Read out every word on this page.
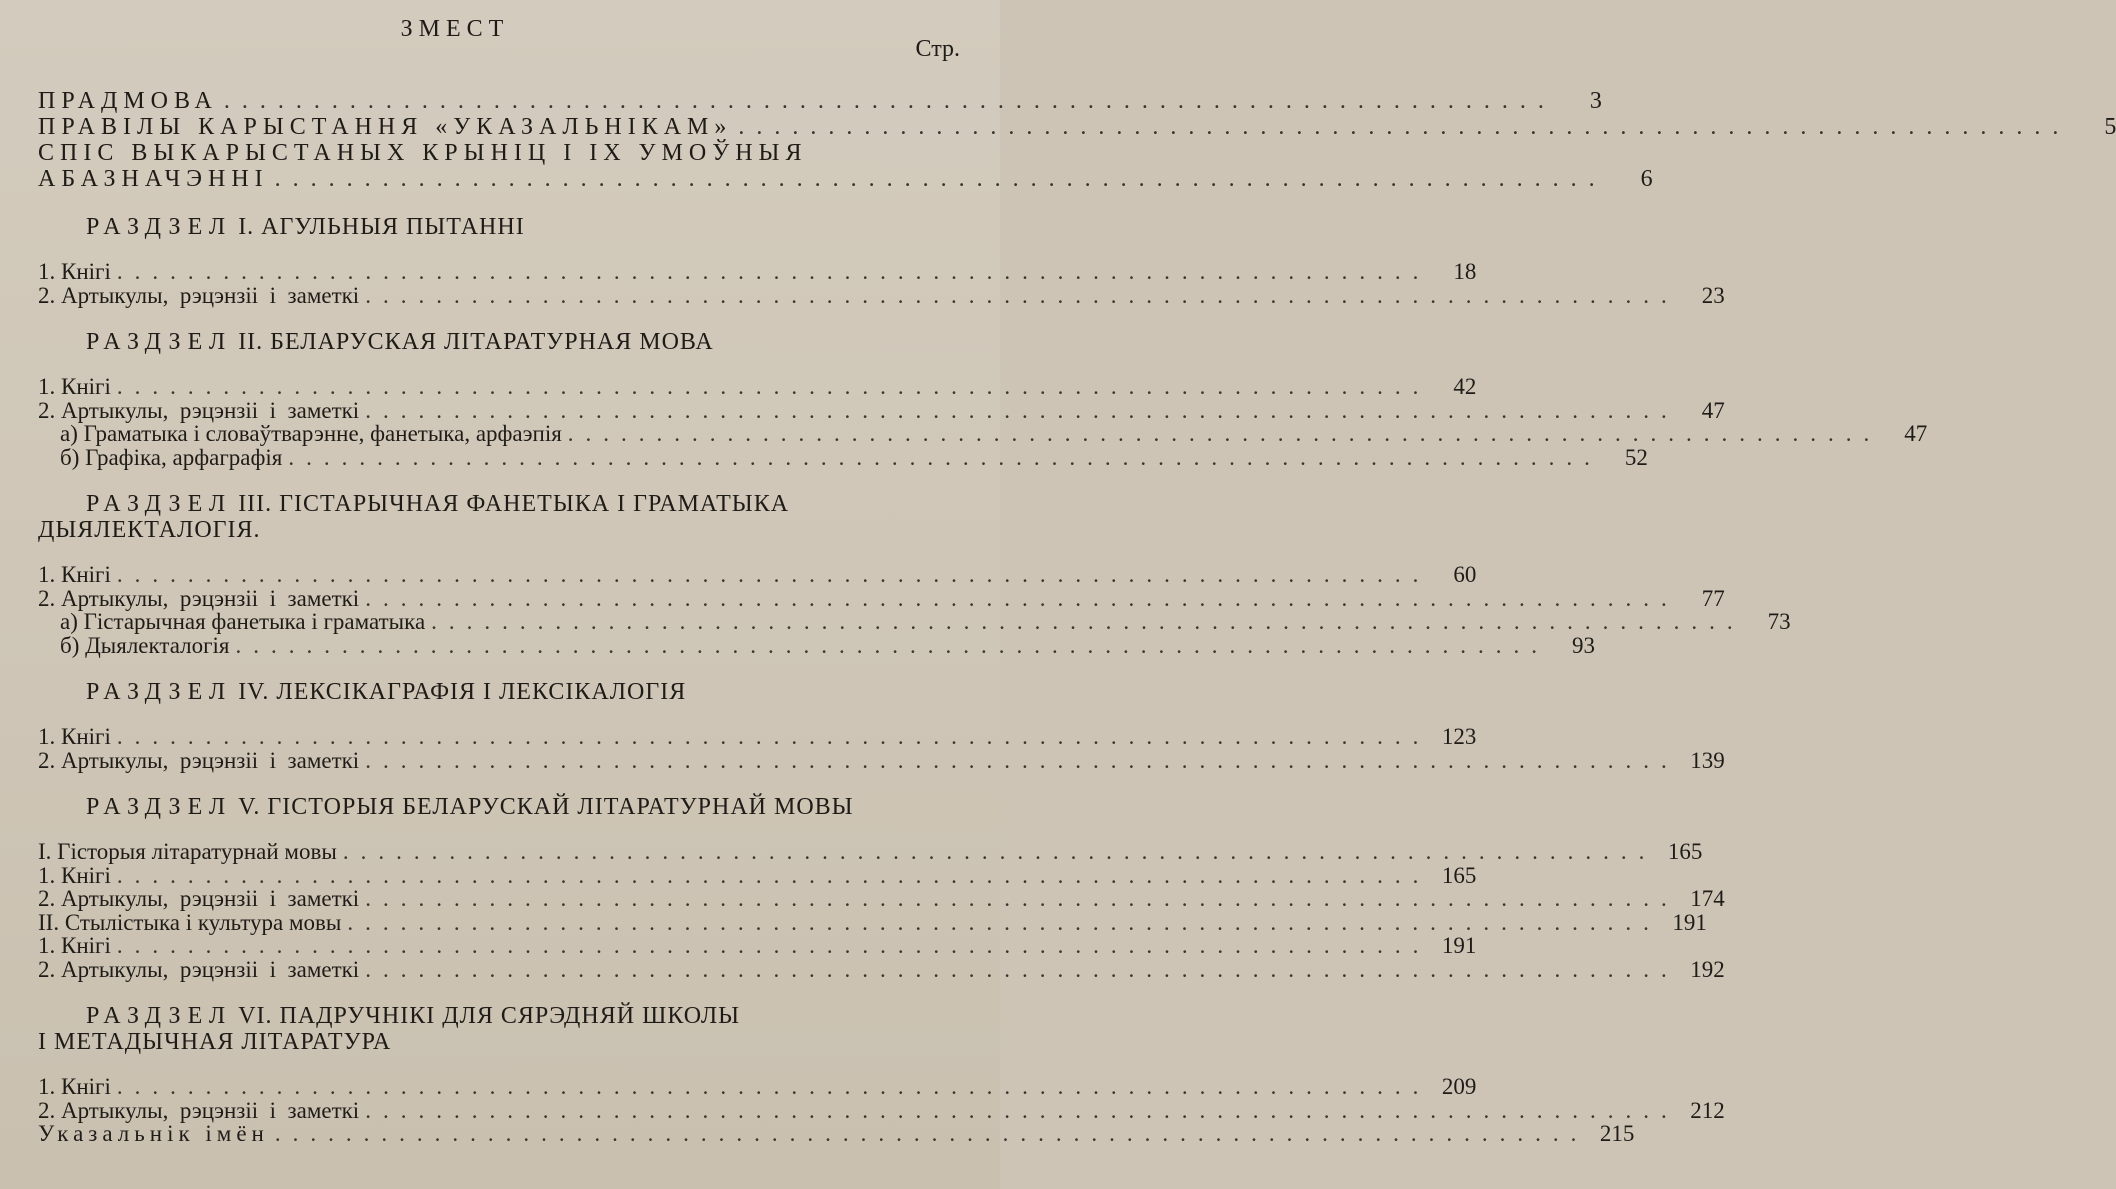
ЗМЕСТ
Стр.
ПРАДМОВА ..........................................................................	3
ПРАВІЛЫ КАРЫСТАННЯ «УКАЗАЛЬНІКАМ» ..........................................................................	5
СПІС ВЫКАРЫСТАНЫХ КРЫНІЦ І ІХ УМОЎНЫЯ
АБАЗНАЧЭННІ ..........................................................................	6
РАЗДЗЕЛ I. АГУЛЬНЫЯ ПЫТАННІ
1. Кнігі ..........................................................................	18
2. Артыкулы,  рэцэнзіі  і  заметкі ..........................................................................	23
РАЗДЗЕЛ II. БЕЛАРУСКАЯ ЛІТАРАТУРНАЯ МОВА
1. Кнігі ..........................................................................	42
2. Артыкулы,  рэцэнзіі  і  заметкі ..........................................................................	47
а) Граматыка і словаўтварэнне, фанетыка, арфаэпія ..........................................................................	47
б) Графіка, арфаграфія ..........................................................................	52
РАЗДЗЕЛ III. ГІСТАРЫЧНАЯ ФАНЕТЫКА І ГРАМАТЫКА
ДЫЯЛЕКТАЛОГІЯ.
1. Кнігі ..........................................................................	60
2. Артыкулы,  рэцэнзіі  і  заметкі ..........................................................................	77
а) Гістарычная фанетыка і граматыка ..........................................................................	73
б) Дыялекталогія ..........................................................................	93
РАЗДЗЕЛ IV. ЛЕКСІКАГРАФІЯ І ЛЕКСІКАЛОГІЯ
1. Кнігі .......................................................................... 123
2. Артыкулы,  рэцэнзіі  і  заметкі .......................................................................... 139
РАЗДЗЕЛ V. ГІСТОРЫЯ БЕЛАРУСКАЙ ЛІТАРАТУРНАЙ МОВЫ
I. Гісторыя літаратурнай мовы .......................................................................... 165
1. Кнігі .......................................................................... 165
2. Артыкулы,  рэцэнзіі  і  заметкі .......................................................................... 174
II. Стылістыка і культура мовы .......................................................................... 191
1. Кнігі .......................................................................... 191
2. Артыкулы,  рэцэнзіі  і  заметкі .......................................................................... 192
РАЗДЗЕЛ VI. ПАДРУЧНІКІ ДЛЯ СЯРЭДНЯЙ ШКОЛЫ
І МЕТАДЫЧНАЯ ЛІТАРАТУРА
1. Кнігі .......................................................................... 209
2. Артыкулы,  рэцэнзіі  і  заметкі .......................................................................... 212
Указальнік імён .......................................................................... 215
